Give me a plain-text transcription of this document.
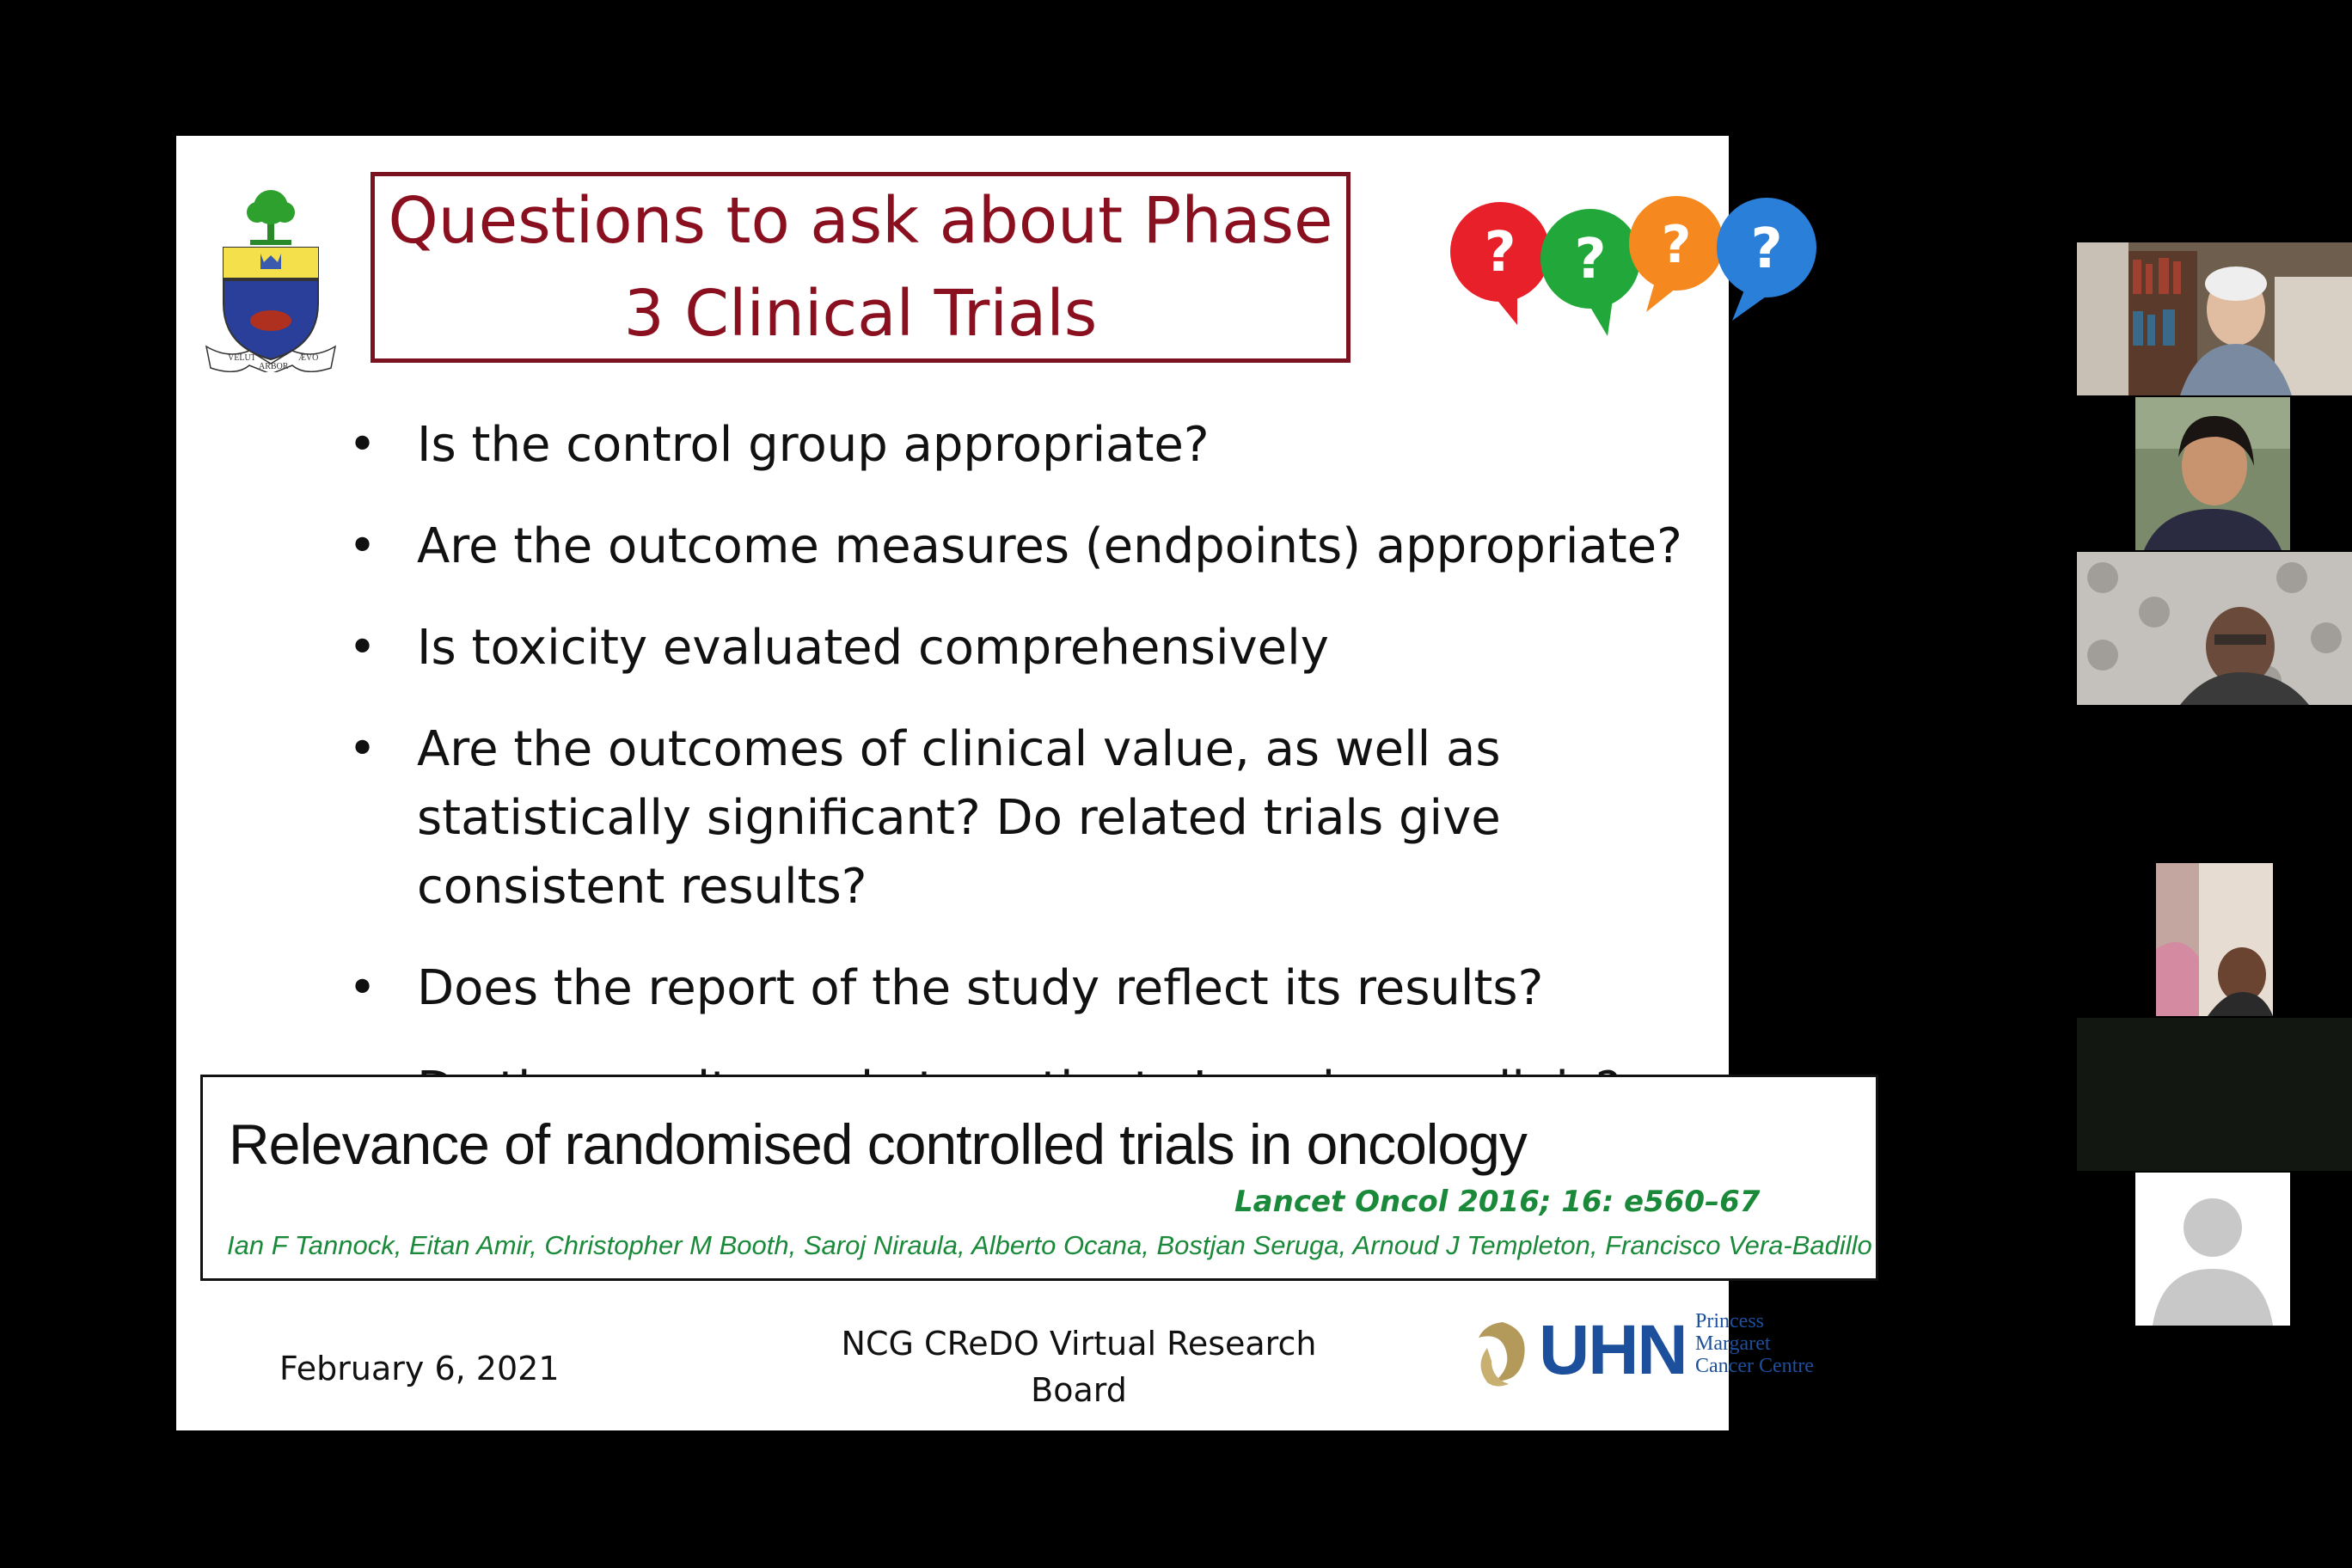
VELUT
ARBOR
ÆVO
Questions to ask about Phase
3 Clinical Trials
? ? ? ?
• Is the control group appropriate?
• Are the outcome measures (endpoints) appropriate?
• Is toxicity evaluated comprehensively
• Are the outcomes of clinical value, as well as statistically significant? Do related trials give consistent results?
• Does the report of the study reflect its results?
Relevance of randomised controlled trials in oncology
Lancet Oncol 2016; 16: e560–67
Ian F Tannock, Eitan Amir, Christopher M Booth, Saroj Niraula, Alberto Ocana, Bostjan Seruga, Arnoud J Templeton, Francisco Vera-Badillo
February 6, 2021
NCG CReDO Virtual Research
Board
UHN Princess
Margaret
Cancer Centre
